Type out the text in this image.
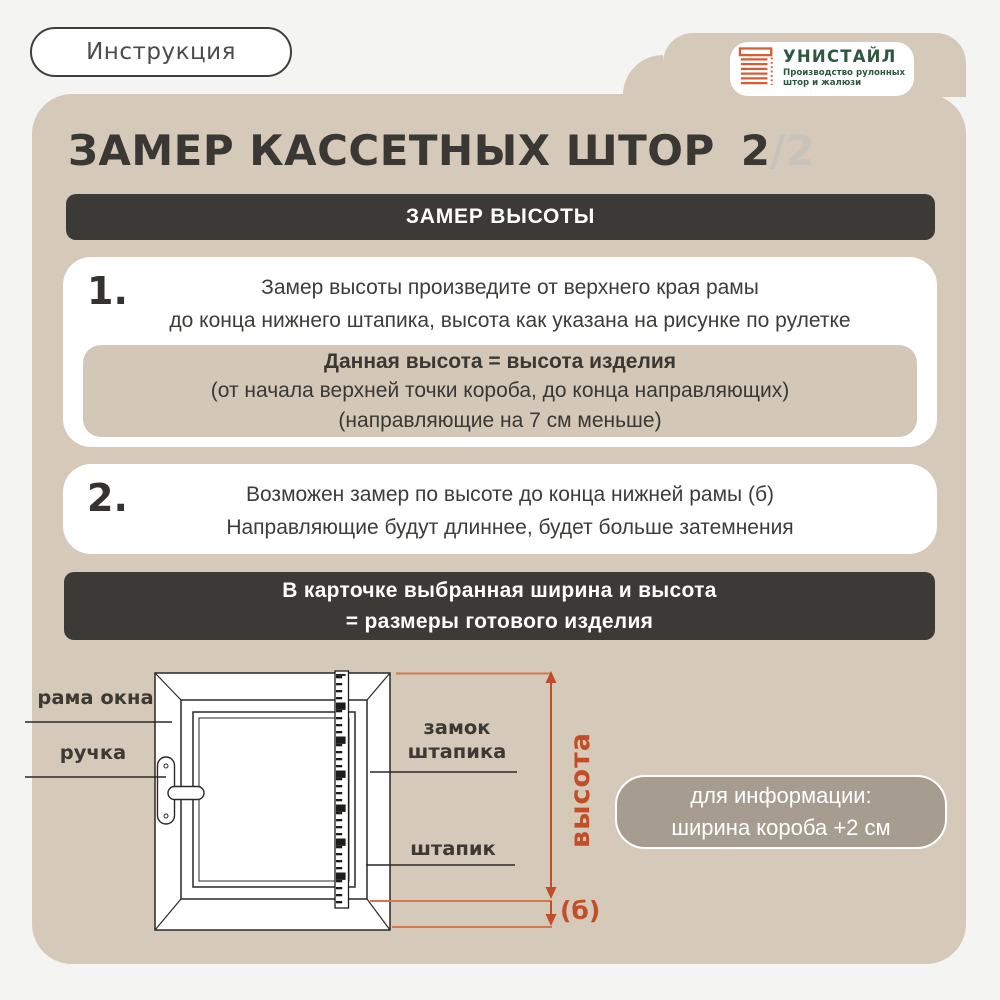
Инструкция	УНИСТАЙЛ
Производство рулонных
штор и жалюзи
ЗАМЕР КАССЕТНЫХ ШТОР 2/2
ЗАМЕР ВЫСОТЫ
1.	Замер высоты произведите от верхнего края рамы
до конца нижнего штапика, высота как указана на рисунке по рулетке
Данная высота = высота изделия
(от начала верхней точки короба, до конца направляющих)
(направляющие на 7 см меньше)
2.	Возможен замер по высоте до конца нижней рамы (б)
Направляющие будут длиннее, будет больше затемнения
В карточке выбранная ширина и высота
= размеры готового изделия
рама окна
ручка
замок
штапика
штапик
высота
(б)
для информации:
ширина короба +2 см
